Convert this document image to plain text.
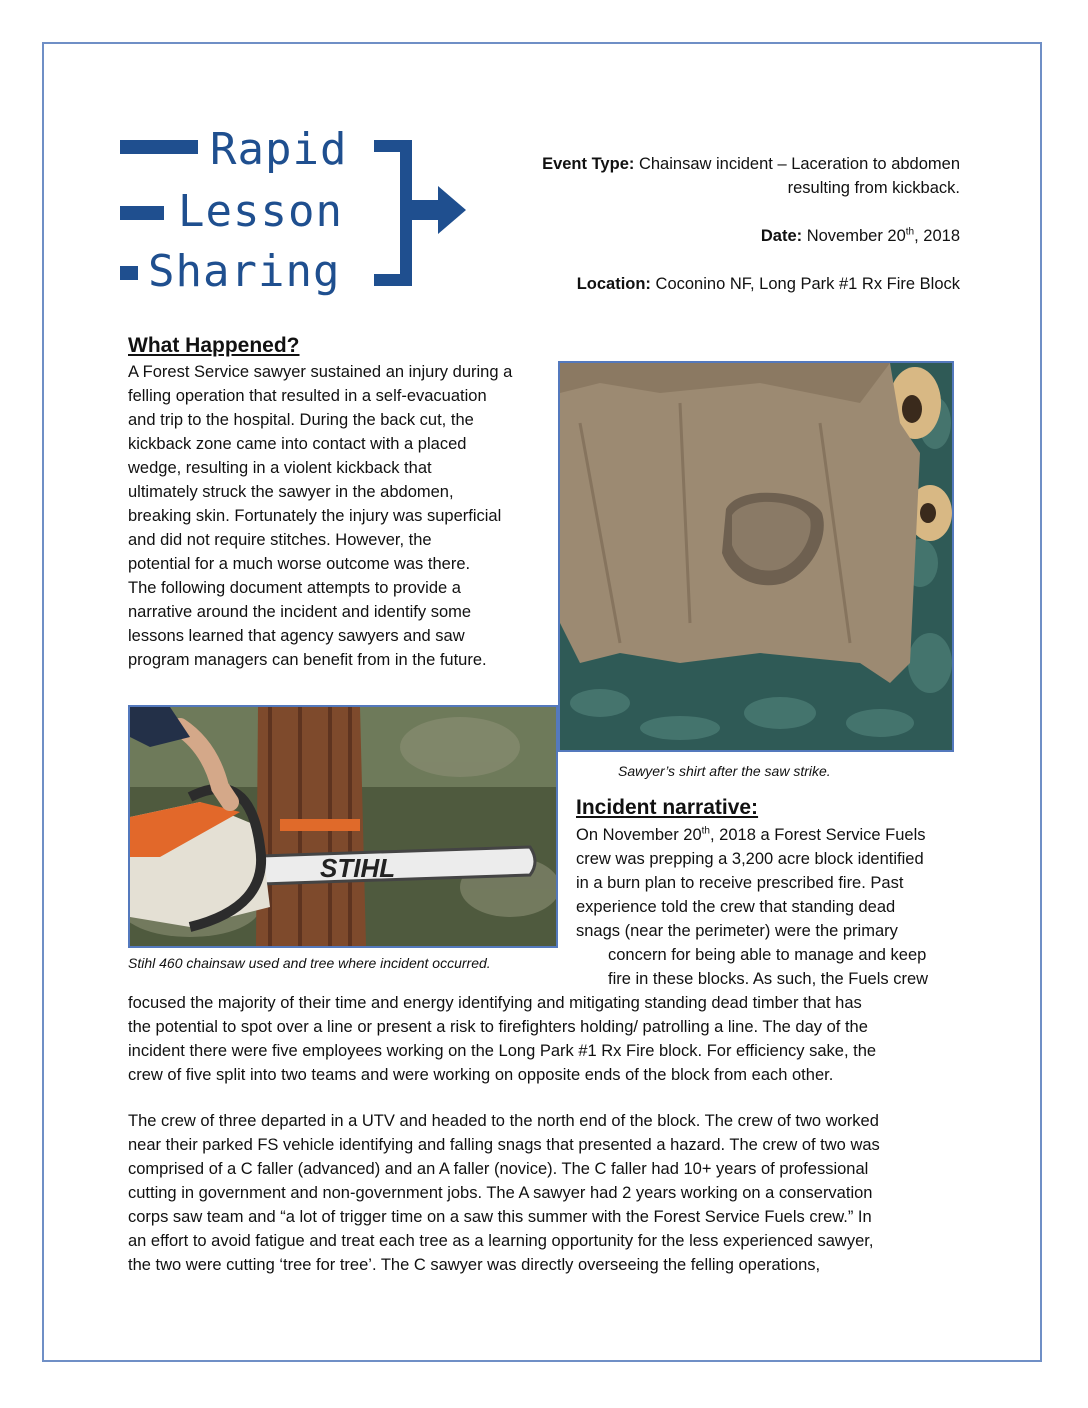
Rapid
Lesson
Sharing

Event Type: Chainsaw incident – Laceration to abdomen
resulting from kickback.

Date: November 20th, 2018

Location: Coconino NF, Long Park #1 Rx Fire Block

What Happened?
A Forest Service sawyer sustained an injury during a
felling operation that resulted in a self-evacuation
and trip to the hospital. During the back cut, the
kickback zone came into contact with a placed
wedge, resulting in a violent kickback that
ultimately struck the sawyer in the abdomen,
breaking skin. Fortunately the injury was superficial
and did not require stitches. However, the
potential for a much worse outcome was there.
The following document attempts to provide a
narrative around the incident and identify some
lessons learned that agency sawyers and saw
program managers can benefit from in the future.
Sawyer’s shirt after the saw strike.
STIHL
Stihl 460 chainsaw used and tree where incident occurred.
Incident narrative:
On November 20th, 2018 a Forest Service Fuels
crew was prepping a 3,200 acre block identified
in a burn plan to receive prescribed fire. Past
experience told the crew that standing dead
snags (near the perimeter) were the primary
concern for being able to manage and keep
fire in these blocks. As such, the Fuels crew
focused the majority of their time and energy identifying and mitigating standing dead timber that has
the potential to spot over a line or present a risk to firefighters holding/ patrolling a line. The day of the
incident there were five employees working on the Long Park #1 Rx Fire block. For efficiency sake, the
crew of five split into two teams and were working on opposite ends of the block from each other.
The crew of three departed in a UTV and headed to the north end of the block. The crew of two worked
near their parked FS vehicle identifying and falling snags that presented a hazard. The crew of two was
comprised of a C faller (advanced) and an A faller (novice). The C faller had 10+ years of professional
cutting in government and non-government jobs. The A sawyer had 2 years working on a conservation
corps saw team and “a lot of trigger time on a saw this summer with the Forest Service Fuels crew.” In
an effort to avoid fatigue and treat each tree as a learning opportunity for the less experienced sawyer,
the two were cutting ‘tree for tree’. The C sawyer was directly overseeing the felling operations,
